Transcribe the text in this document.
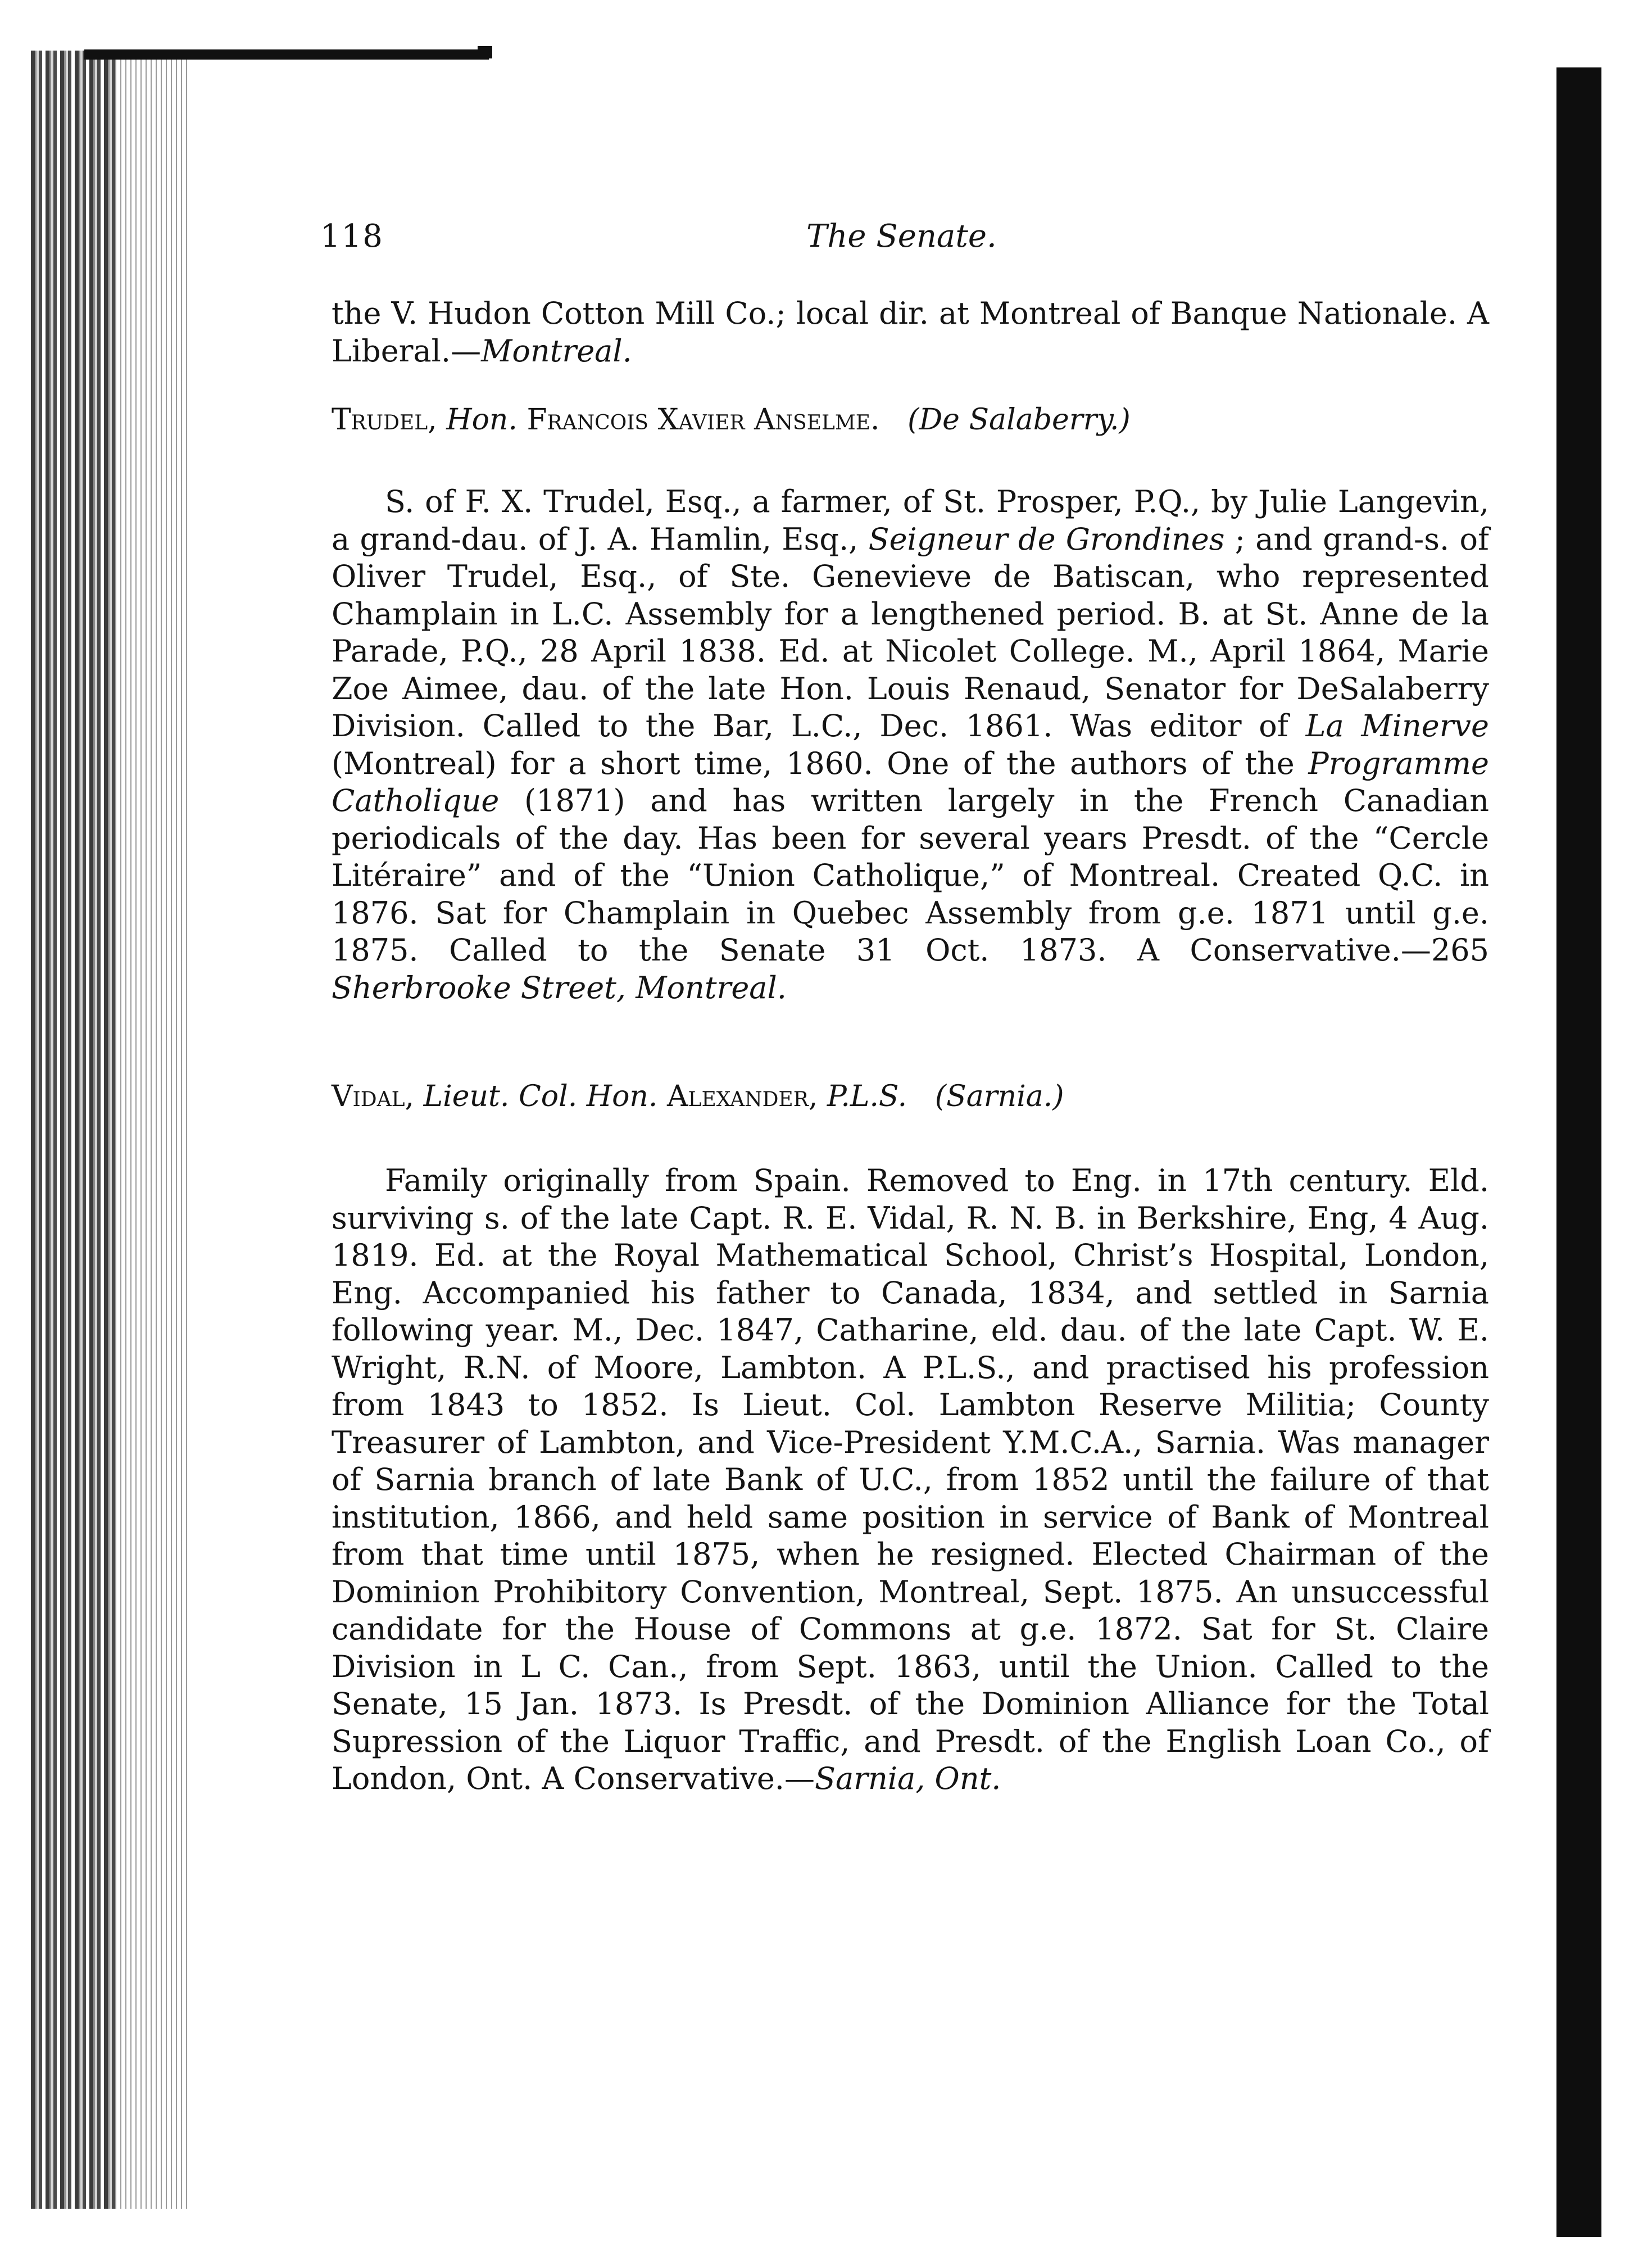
118	The Senate.

the V. Hudon Cotton Mill Co.; local dir. at Montreal of Banque Nationale. A Liberal.—Montreal.

Trudel, Hon. Francois Xavier Anselme. (De Salaberry.)

S. of F. X. Trudel, Esq., a farmer, of St. Prosper, P.Q., by Julie Langevin, a grand-dau. of J. A. Hamlin, Esq., Seigneur de Grondines ; and grand-s. of Oliver Trudel, Esq., of Ste. Genevieve de Batiscan, who represented Champlain in L.C. Assembly for a lengthened period. B. at St. Anne de la Parade, P.Q., 28 April 1838. Ed. at Nicolet College. M., April 1864, Marie Zoe Aimee, dau. of the late Hon. Louis Renaud, Senator for DeSalaberry Division. Called to the Bar, L.C., Dec. 1861. Was editor of La Minerve (Montreal) for a short time, 1860. One of the authors of the Programme Catholique (1871) and has written largely in the French Canadian periodicals of the day. Has been for several years Presdt. of the “Cercle Litéraire” and of the “Union Catholique,” of Montreal. Created Q.C. in 1876. Sat for Champlain in Quebec Assembly from g.e. 1871 until g.e. 1875. Called to the Senate 31 Oct. 1873. A Conservative.—265 Sherbrooke Street, Montreal.

Vidal, Lieut. Col. Hon. Alexander, P.L.S. (Sarnia.)

Family originally from Spain. Removed to Eng. in 17th century. Eld. surviving s. of the late Capt. R. E. Vidal, R. N. B. in Berkshire, Eng, 4 Aug. 1819. Ed. at the Royal Mathematical School, Christ’s Hospital, London, Eng. Accompanied his father to Canada, 1834, and settled in Sarnia following year. M., Dec. 1847, Catharine, eld. dau. of the late Capt. W. E. Wright, R.N. of Moore, Lambton. A P.L.S., and practised his profession from 1843 to 1852. Is Lieut. Col. Lambton Reserve Militia; County Treasurer of Lambton, and Vice-President Y.M.C.A., Sarnia. Was manager of Sarnia branch of late Bank of U.C., from 1852 until the failure of that institution, 1866, and held same position in service of Bank of Montreal from that time until 1875, when he resigned. Elected Chairman of the Dominion Prohibitory Convention, Montreal, Sept. 1875. An unsuccessful candidate for the House of Commons at g.e. 1872. Sat for St. Claire Division in L C. Can., from Sept. 1863, until the Union. Called to the Senate, 15 Jan. 1873. Is Presdt. of the Dominion Alliance for the Total Supression of the Liquor Traffic, and Presdt. of the English Loan Co., of London, Ont. A Conservative.—Sarnia, Ont.
